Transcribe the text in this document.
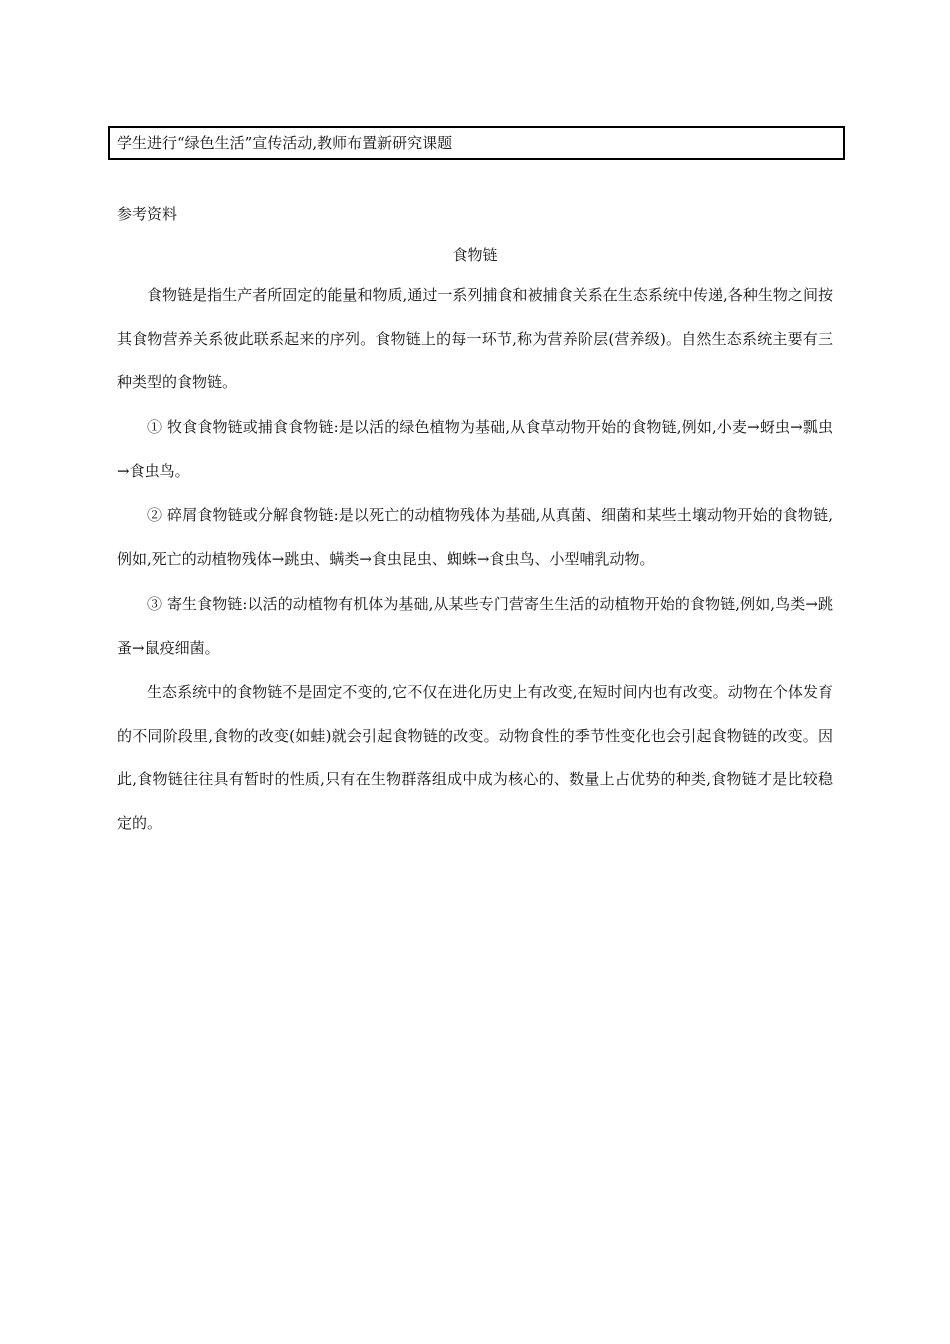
学生进行“绿色生活”宣传活动,教师布置新研究课题
参考资料
食物链

食物链是指生产者所固定的能量和物质,通过一系列捕食和被捕食关系在生态系统中传递,各种生物之间按其食物营养关系彼此联系起来的序列。食物链上的每一环节,称为营养阶层(营养级)。自然生态系统主要有三种类型的食物链。

① 牧食食物链或捕食食物链:是以活的绿色植物为基础,从食草动物开始的食物链,例如,小麦→蚜虫→瓢虫→食虫鸟。

② 碎屑食物链或分解食物链:是以死亡的动植物残体为基础,从真菌、细菌和某些土壤动物开始的食物链,例如,死亡的动植物残体→跳虫、螨类→食虫昆虫、蜘蛛→食虫鸟、小型哺乳动物。

③ 寄生食物链:以活的动植物有机体为基础,从某些专门营寄生生活的动植物开始的食物链,例如,鸟类→跳蚤→鼠疫细菌。

生态系统中的食物链不是固定不变的,它不仅在进化历史上有改变,在短时间内也有改变。动物在个体发育的不同阶段里,食物的改变(如蛙)就会引起食物链的改变。动物食性的季节性变化也会引起食物链的改变。因此,食物链往往具有暂时的性质,只有在生物群落组成中成为核心的、数量上占优势的种类,食物链才是比较稳定的。
